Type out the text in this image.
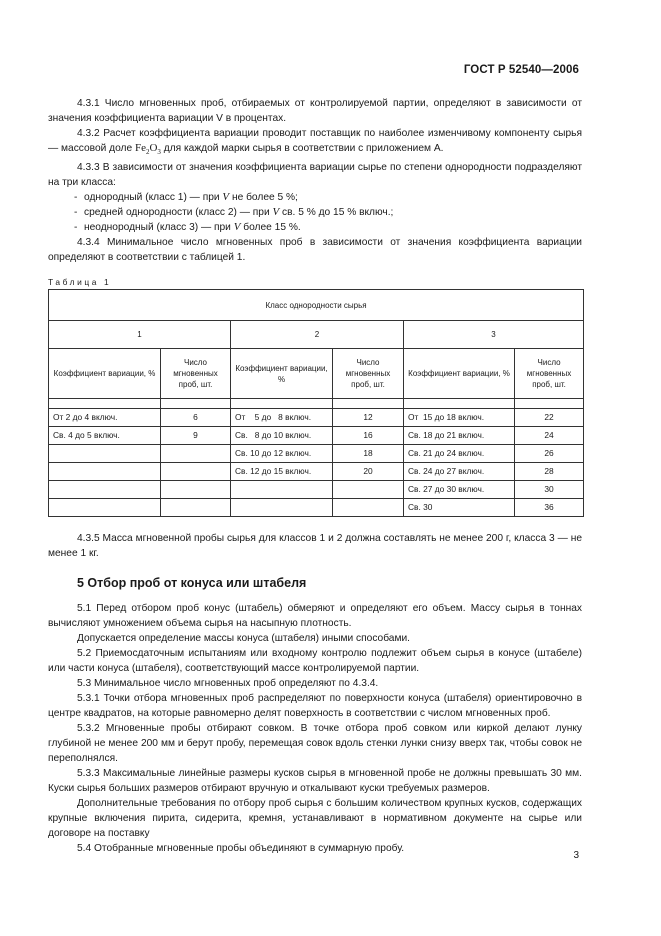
ГОСТ Р 52540—2006

4.3.1 Число мгновенных проб, отбираемых от контролируемой партии, определяют в зависимости от значения коэффициента вариации V в процентах.

4.3.2 Расчет коэффициента вариации проводит поставщик по наиболее изменчивому компоненту сырья — массовой доле $Fe_2O_3$ для каждой марки сырья в соответствии с приложением А.

4.3.3 В зависимости от значения коэффициента вариации сырье по степени однородности подразделяют на три класса:

- однородный (класс 1) — при V не более 5 %;

- средней однородности (класс 2) — при V св. 5 % до 15 % включ.;

- неоднородный (класс 3) — при V более 15 %.

4.3.4 Минимальное число мгновенных проб в зависимости от значения коэффициента вариации определяют в соответствии с таблицей 1.

Таблица 1
Класс однородности сырья					
1		2		3	
Коэффициент вариации, %	Число мгновенных проб, шт.	Коэффициент вариации, %	Число мгновенных проб, шт.	Коэффициент вариации, %	Число мгновенных проб, шт.

От 2 до 4 включ.	6	От    5 до   8 включ.	12	От  15 до 18 включ.	22
Св. 4 до 5 включ.	9	Св.   8 до 10 включ.	16	Св. 18 до 21 включ.	24
		Св. 10 до 12 включ.	18	Св. 21 до 24 включ.	26
		Св. 12 до 15 включ.	20	Св. 24 до 27 включ.	28
				Св. 27 до 30 включ.	30
				Св. 30	36

4.3.5 Масса мгновенной пробы сырья для классов 1 и 2 должна составлять не менее 200 г, класса 3 — не менее 1 кг.

5 Отбор проб от конуса или штабеля

5.1 Перед отбором проб конус (штабель) обмеряют и определяют его объем. Массу сырья в тоннах вычисляют умножением объема сырья на насыпную плотность.

Допускается определение массы конуса (штабеля) иными способами.

5.2 Приемосдаточным испытаниям или входному контролю подлежит объем сырья в конусе (штабеле) или части конуса (штабеля), соответствующий массе контролируемой партии.

5.3 Минимальное число мгновенных проб определяют по 4.3.4.

5.3.1 Точки отбора мгновенных проб распределяют по поверхности конуса (штабеля) ориентировочно в центре квадратов, на которые равномерно делят поверхность в соответствии с числом мгновенных проб.

5.3.2 Мгновенные пробы отбирают совком. В точке отбора проб совком или киркой делают лунку глубиной не менее 200 мм и берут пробу, перемещая совок вдоль стенки лунки снизу вверх так, чтобы совок не переполнялся.

5.3.3 Максимальные линейные размеры кусков сырья в мгновенной пробе не должны превышать 30 мм. Куски сырья больших размеров отбирают вручную и откалывают куски требуемых размеров.

Дополнительные требования по отбору проб сырья с большим количеством крупных кусков, содержащих крупные включения пирита, сидерита, кремня, устанавливают в нормативном документе на сырье или договоре на поставку

5.4 Отобранные мгновенные пробы объединяют в суммарную пробу.

3
